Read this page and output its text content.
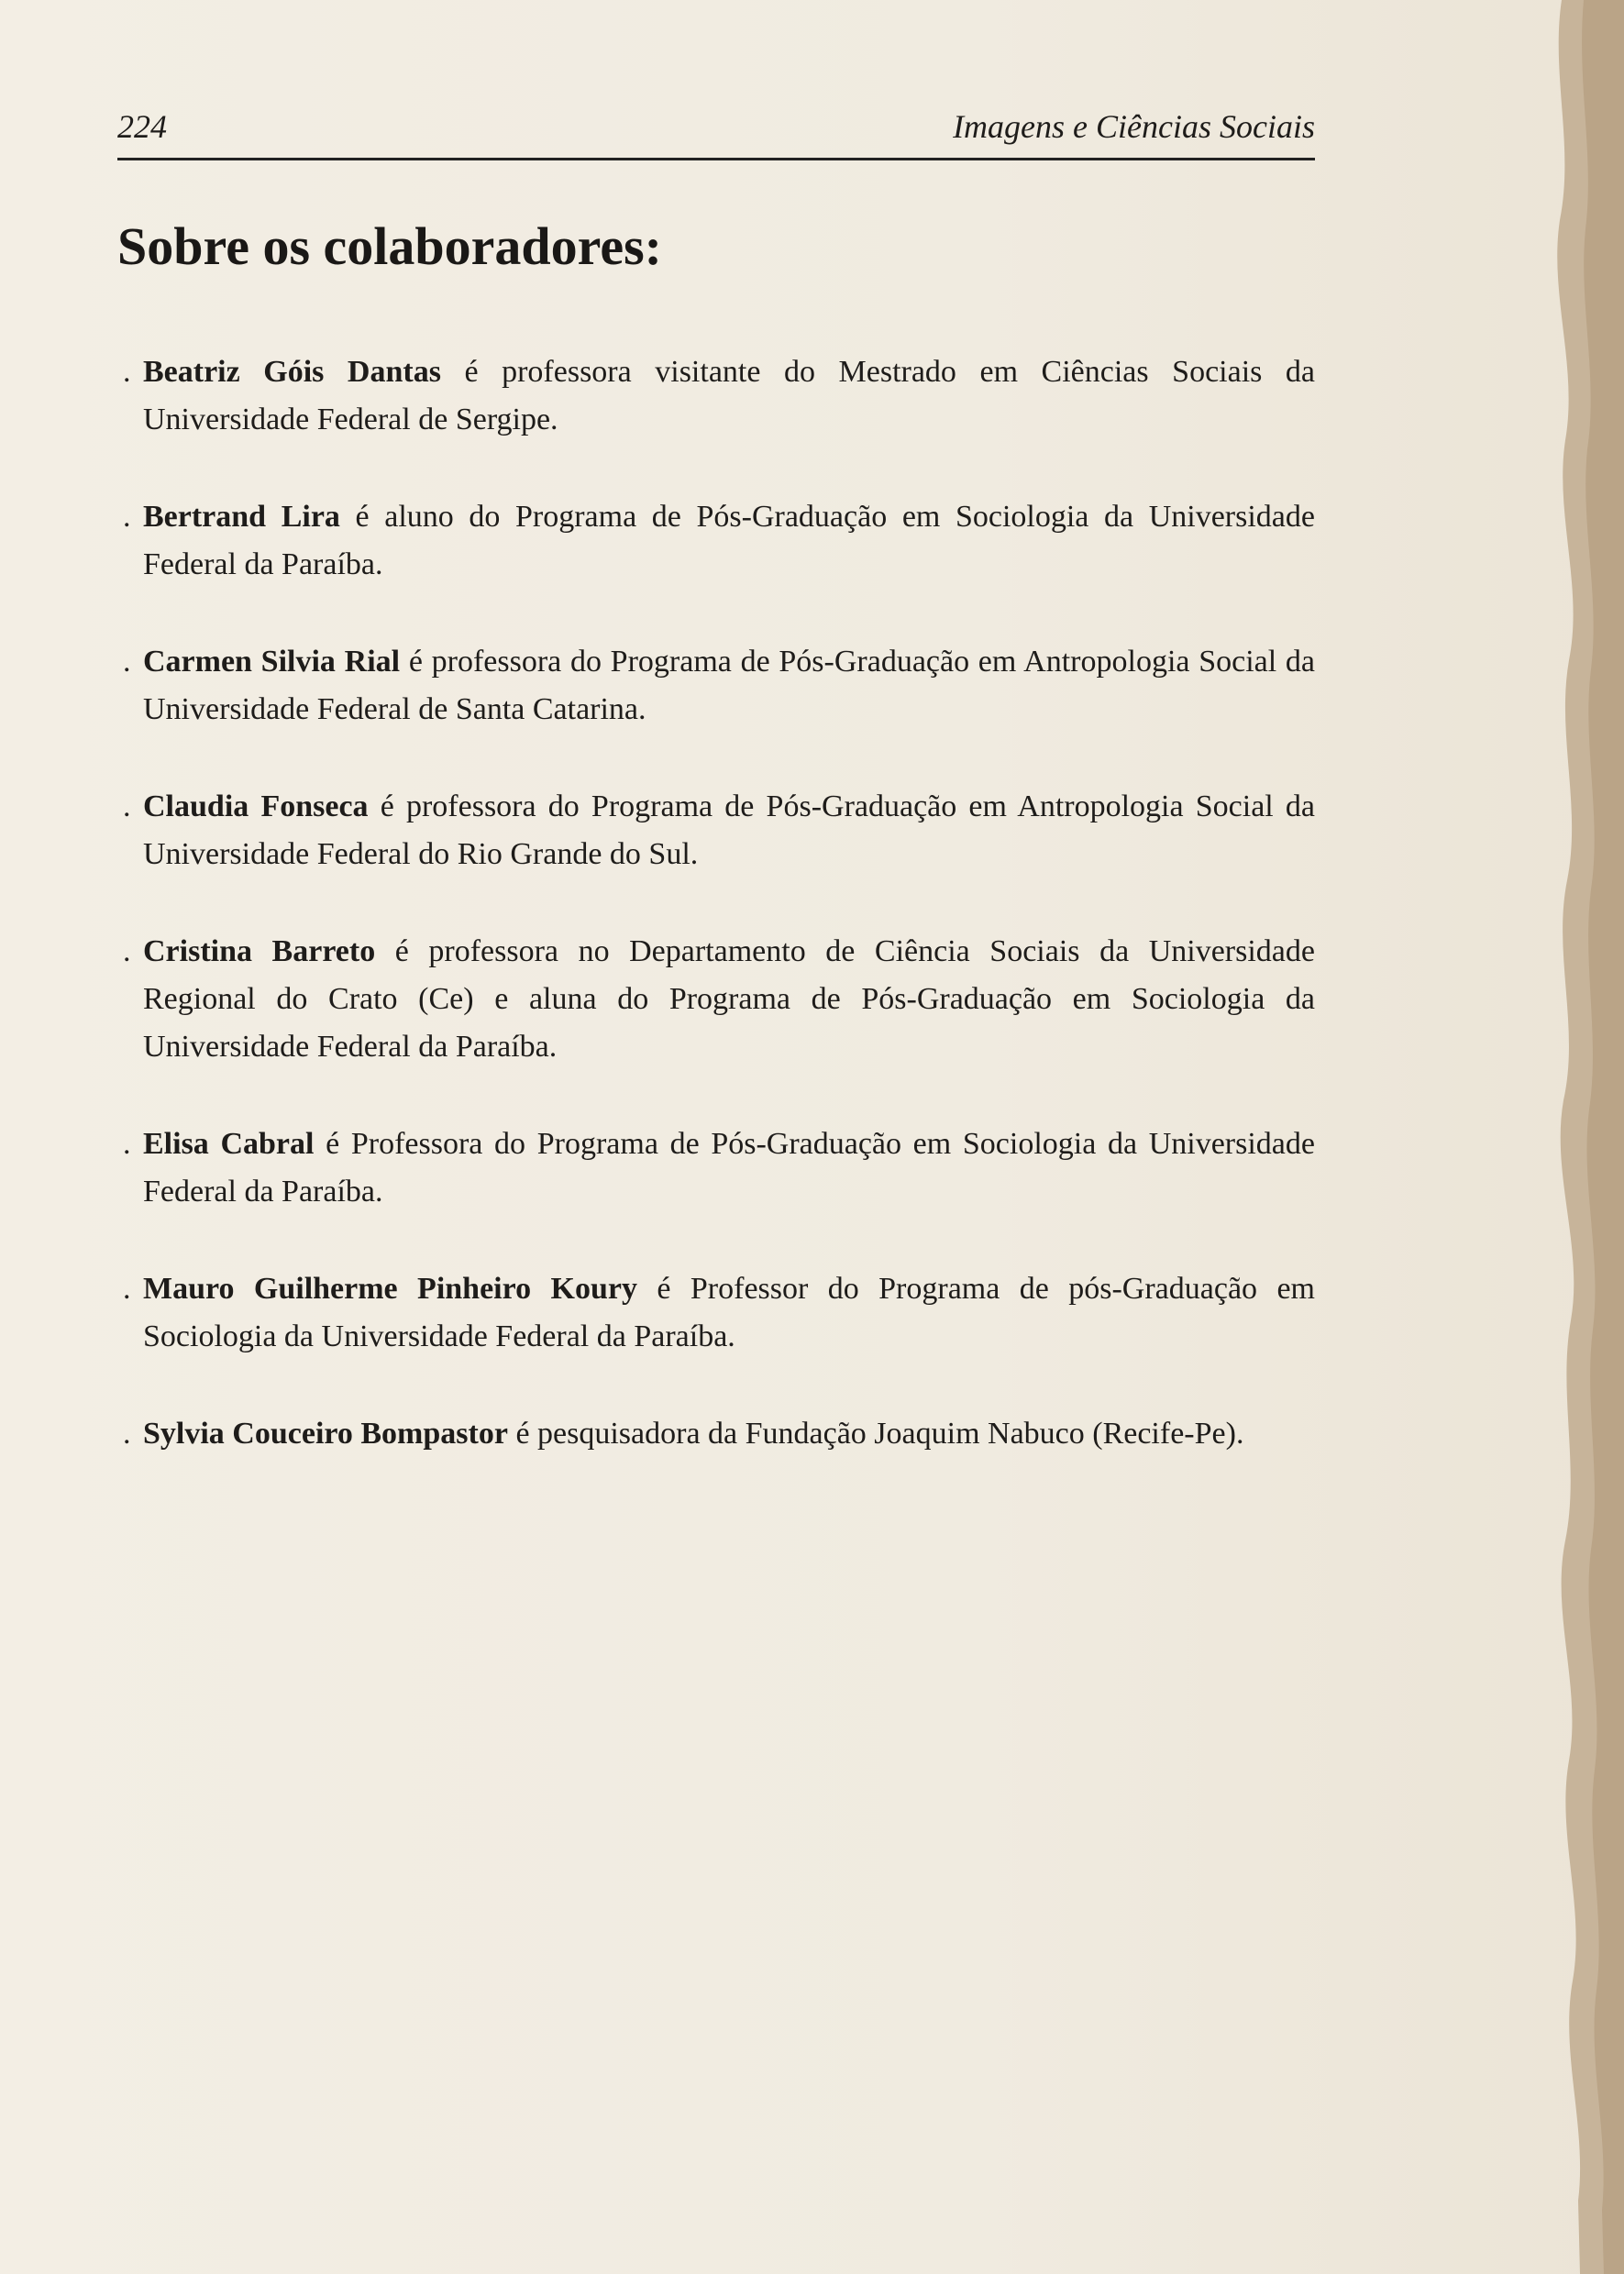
224	Imagens e Ciências Sociais
Sobre os colaboradores:

. Beatriz Góis Dantas é professora visitante do Mestrado em Ciências Sociais da Universidade Federal de Sergipe.

. Bertrand Lira é aluno do Programa de Pós-Graduação em Sociologia da Universidade Federal da Paraíba.

. Carmen Silvia Rial é professora do Programa de Pós-Graduação em Antropologia Social da Universidade Federal de Santa Catarina.

. Claudia Fonseca é professora do Programa de Pós-Graduação em Antropologia Social da Universidade Federal do Rio Grande do Sul.

. Cristina Barreto é professora no Departamento de Ciência Sociais da Universidade Regional do Crato (Ce) e aluna do Programa de Pós-Graduação em Sociologia da Universidade Federal da Paraíba.

. Elisa Cabral é Professora do Programa de Pós-Graduação em Sociologia da Universidade Federal da Paraíba.

. Mauro Guilherme Pinheiro Koury é Professor do Programa de pós-Graduação em Sociologia da Universidade Federal da Paraíba.

. Sylvia Couceiro Bompastor é pesquisadora da Fundação Joaquim Nabuco (Recife-Pe).
